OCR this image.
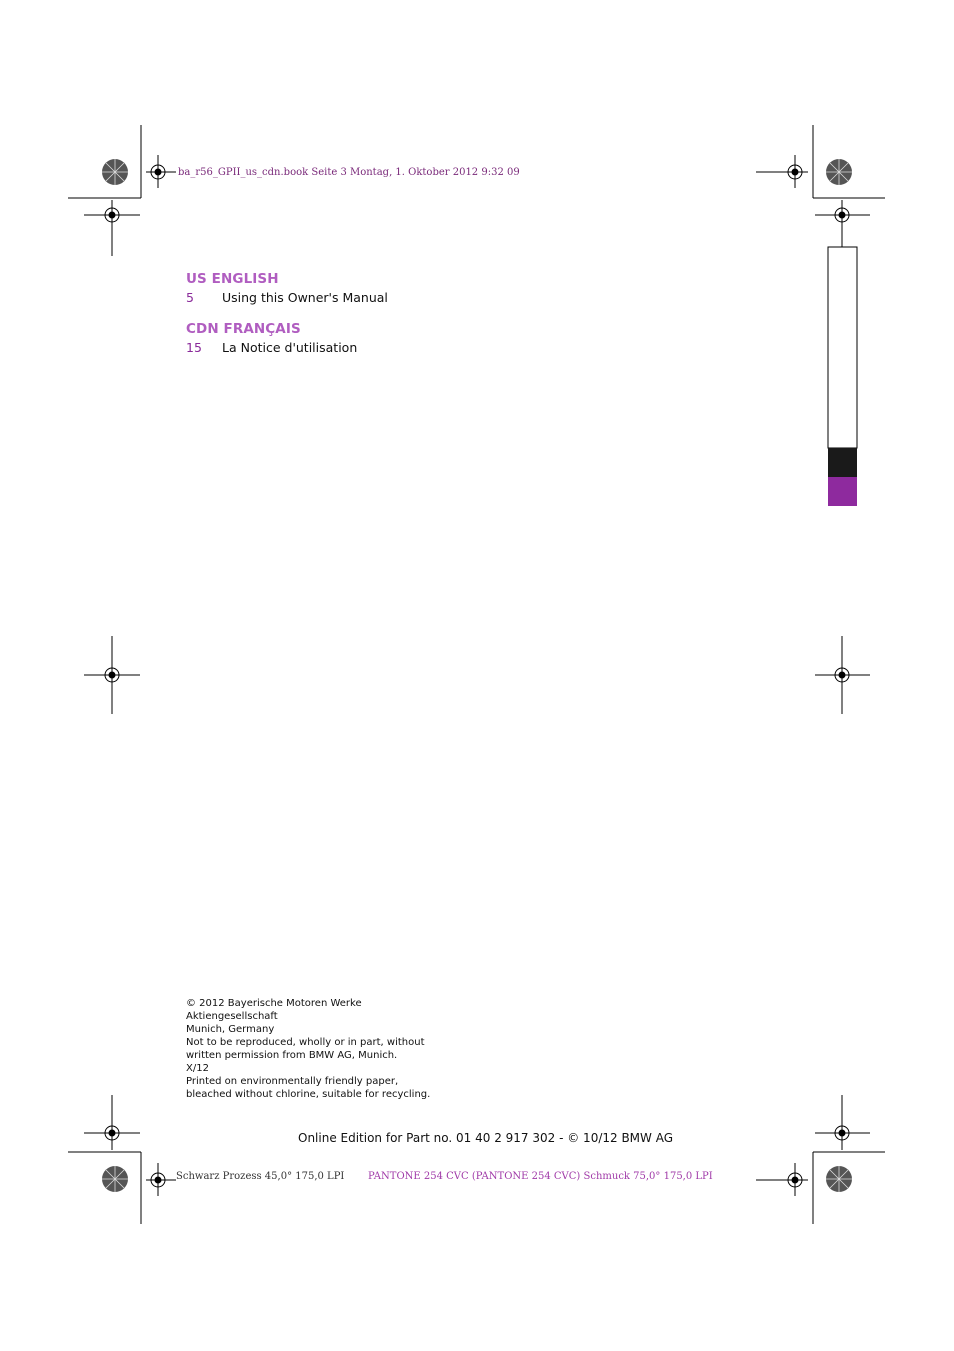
ba_r56_GPII_us_cdn.book Seite 3 Montag, 1. Oktober 2012 9:32 09
US ENGLISH
5	Using this Owner's Manual
CDN FRANÇAIS
15	La Notice d'utilisation
© 2012 Bayerische Motoren Werke
Aktiengesellschaft
Munich, Germany
Not to be reproduced, wholly or in part, without
written permission from BMW AG, Munich.
X/12
Printed on environmentally friendly paper,
bleached without chlorine, suitable for recycling.
Online Edition for Part no. 01 40 2 917 302 - © 10/12 BMW AG
Schwarz Prozess 45,0° 175,0 LPI PANTONE 254 CVC (PANTONE 254 CVC) Schmuck 75,0° 175,0 LPI
